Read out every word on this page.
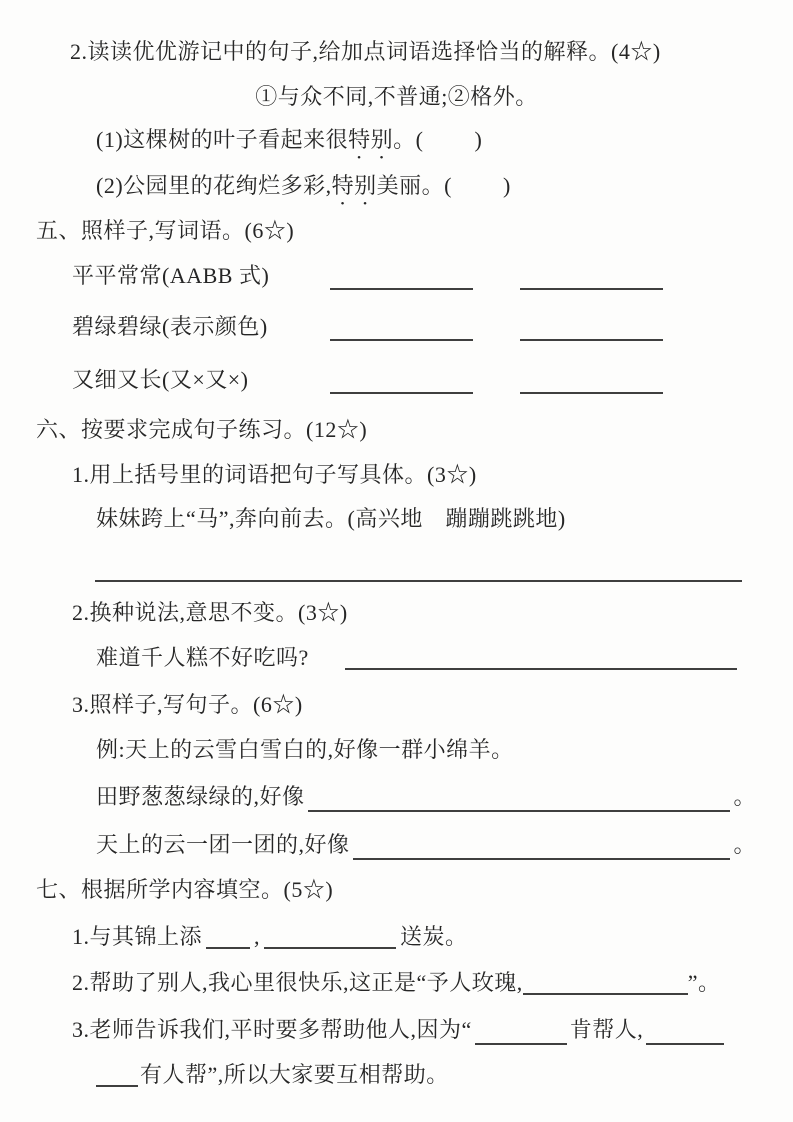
2.读读优优游记中的句子,给加点词语选择恰当的解释。(4☆)
①与众不同,不普通;②格外。
(1)这棵树的叶子看起来很特别。(　　 )
(2)公园里的花绚烂多彩,特别美丽。(　　 )
五、照样子,写词语。(6☆)
平平常常(AABB 式)
碧绿碧绿(表示颜色)
又细又长(又×又×)
六、按要求完成句子练习。(12☆)
1.用上括号里的词语把句子写具体。(3☆)
妹妹跨上“马”,奔向前去。(高兴地　蹦蹦跳跳地)
2.换种说法,意思不变。(3☆)
难道千人糕不好吃吗?
3.照样子,写句子。(6☆)
例:天上的云雪白雪白的,好像一群小绵羊。
田野葱葱绿绿的,好像	。
天上的云一团一团的,好像	。
七、根据所学内容填空。(5☆)
1.与其锦上添 ,	送炭。
2.帮助了别人,我心里很快乐,这正是“予人玫瑰,	”。
3.老师告诉我们,平时要多帮助他人,因为“	肯帮人,
有人帮”,所以大家要互相帮助。
